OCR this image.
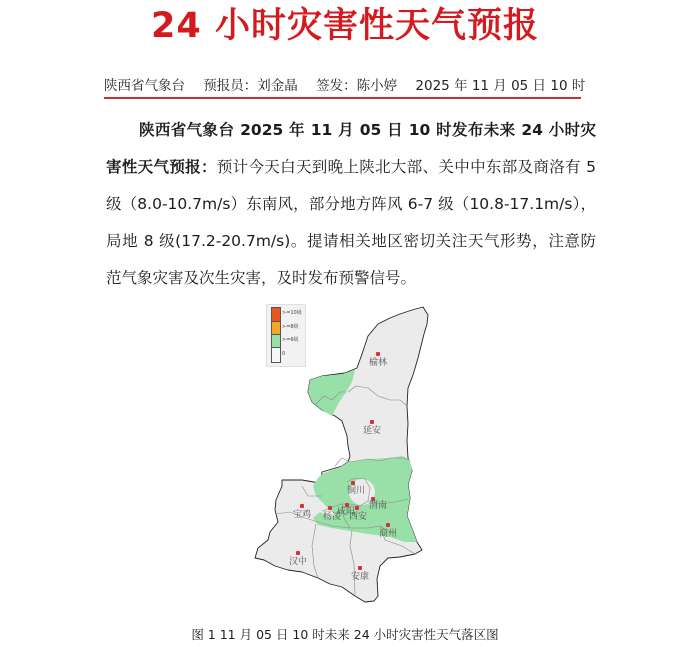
24 小时灾害性天气预报
陕西省气象台 预报员：刘金晶 签发：陈小婷 2025 年 11 月 05 日 10 时

陕西省气象台 2025 年 11 月 05 日 10 时发布未来 24 小时灾害性天气预报：预计今天白天到晚上陕北大部、关中中东部及商洛有 5 级（8.0-10.7m/s）东南风，部分地方阵风 6-7 级（10.8-17.1m/s），局地 8 级(17.2-20.7m/s)。提请相关地区密切关注天气形势，注意防范气象灾害及次生灾害，及时发布预警信号。

>=10级
>=8级
>=6级
0
榆林
延安
铜川
渭南
咸阳
西安
杨凌
宝鸡
商州
汉中
安康
图 1 11 月 05 日 10 时未来 24 小时灾害性天气落区图
